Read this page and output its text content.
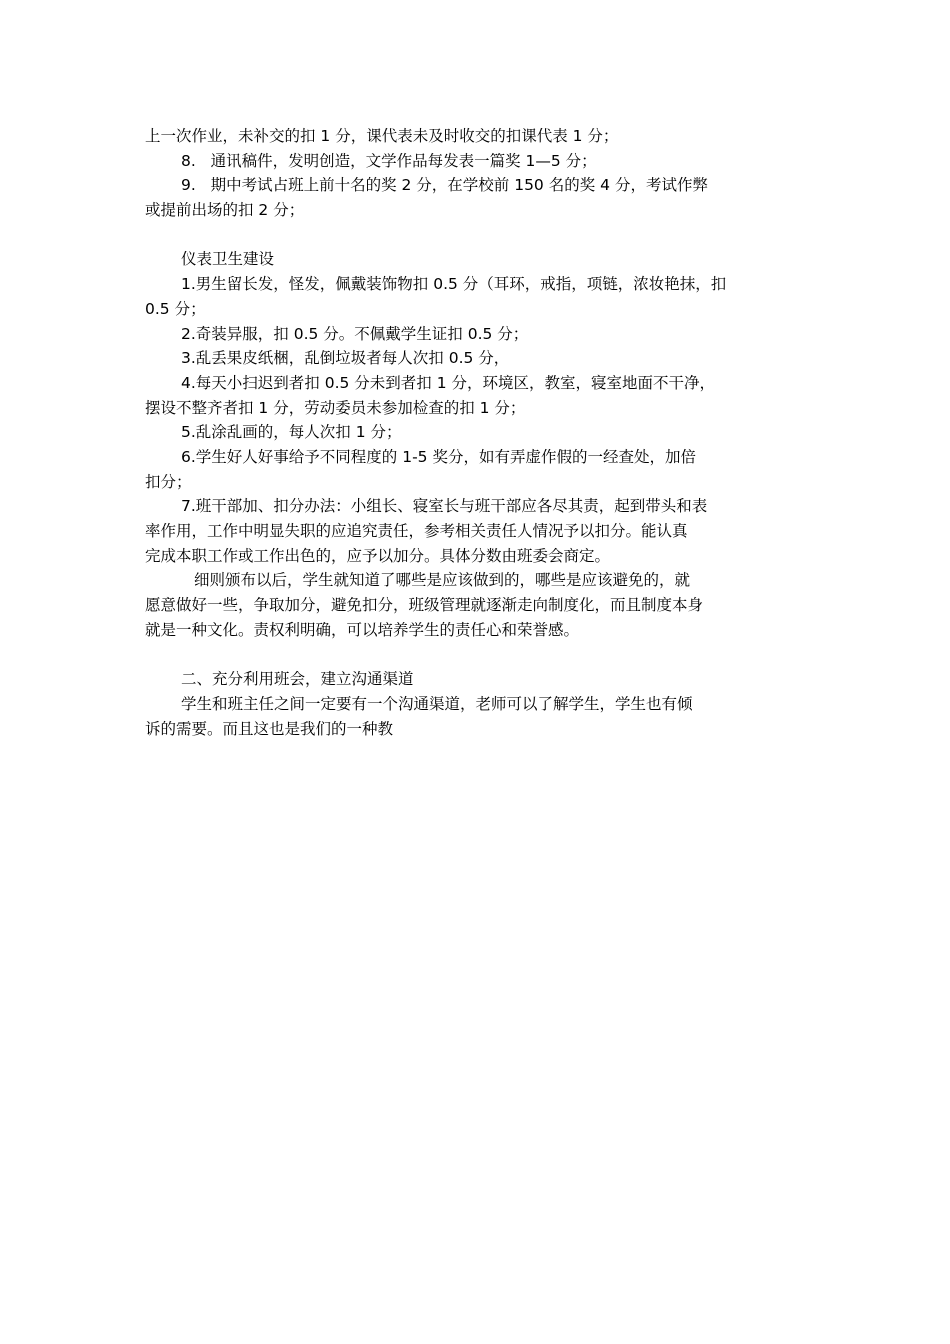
上一次作业，未补交的扣 1 分，课代表未及时收交的扣课代表 1 分；
8.   通讯稿件，发明创造，文学作品每发表一篇奖 1—5 分；
9.   期中考试占班上前十名的奖 2 分，在学校前 150 名的奖 4 分，考试作弊
或提前出场的扣 2 分；
仪表卫生建设
1.男生留长发，怪发，佩戴装饰物扣 0.5 分（耳环，戒指，项链，浓妆艳抹，扣
0.5 分；
2.奇装异服，扣 0.5 分。不佩戴学生证扣 0.5 分；
3.乱丢果皮纸梱，乱倒垃圾者每人次扣 0.5 分，
4.每天小扫迟到者扣 0.5 分未到者扣 1 分，环境区，教室，寝室地面不干净，
摆设不整齐者扣 1 分，劳动委员未参加检查的扣 1 分；
5.乱涂乱画的，每人次扣 1 分；
6.学生好人好事给予不同程度的 1-5 奖分，如有弄虚作假的一经查处，加倍
扣分；
7.班干部加、扣分办法：小组长、寝室长与班干部应各尽其责，起到带头和表
率作用，工作中明显失职的应追究责任，参考相关责任人情况予以扣分。能认真
完成本职工作或工作出色的，应予以加分。具体分数由班委会商定。
细则颁布以后，学生就知道了哪些是应该做到的，哪些是应该避免的，就
愿意做好一些，争取加分，避免扣分，班级管理就逐渐走向制度化，而且制度本身
就是一种文化。责权利明确，可以培养学生的责任心和荣誉感。
二、充分利用班会，建立沟通渠道
学生和班主任之间一定要有一个沟通渠道，老师可以了解学生，学生也有倾
诉的需要。而且这也是我们的一种教
